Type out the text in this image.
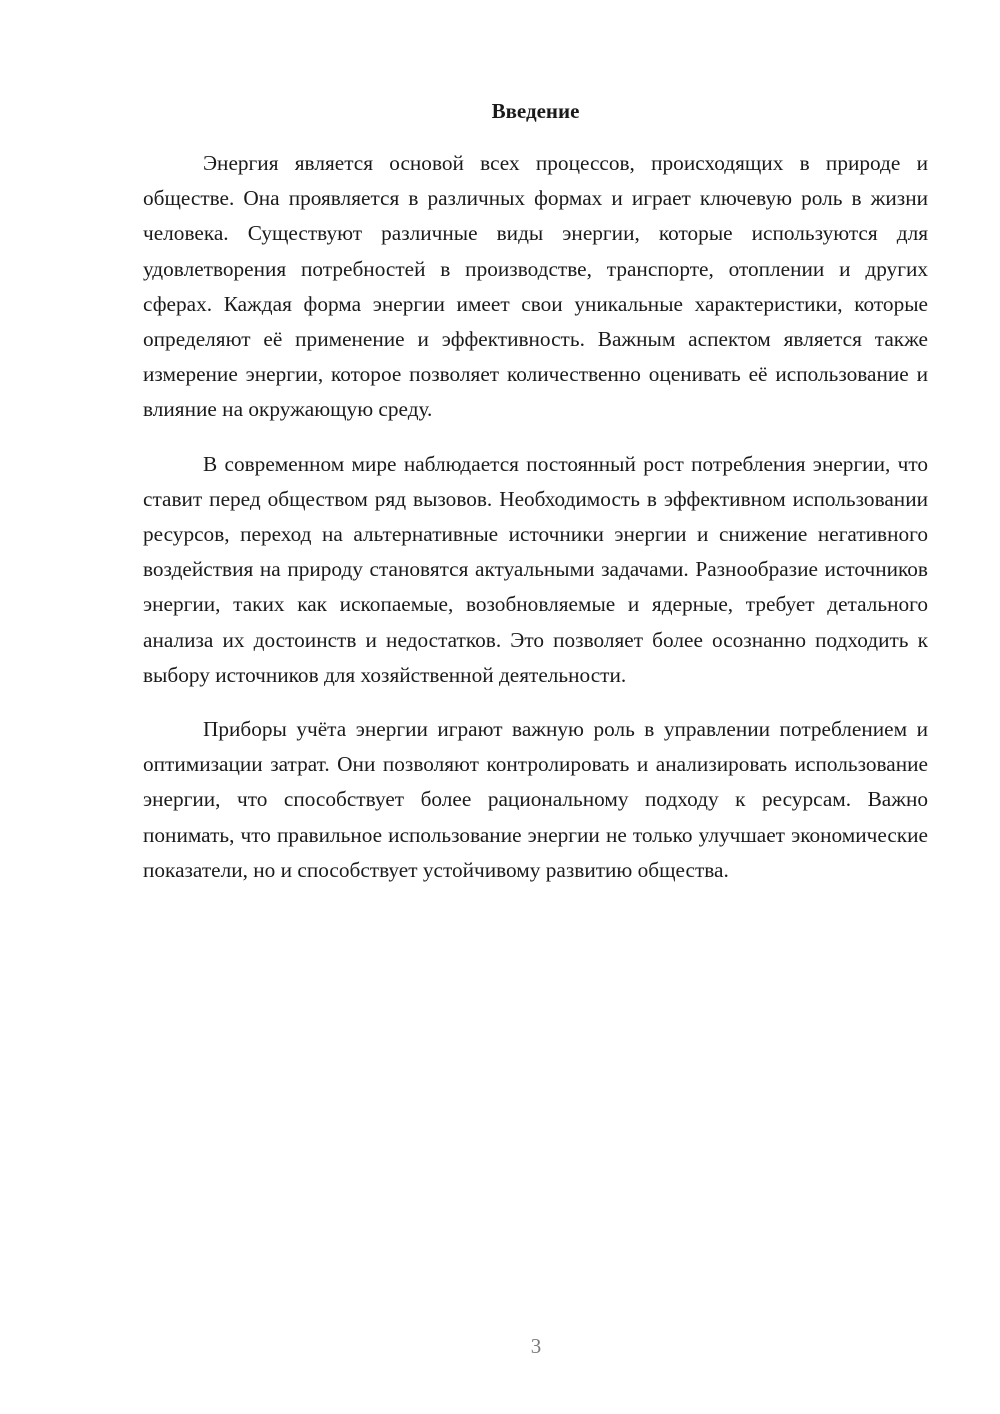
Введение

Энергия является основой всех процессов, происходящих в природе и обществе. Она проявляется в различных формах и играет ключевую роль в жизни человека. Существуют различные виды энергии, которые используются для удовлетворения потребностей в производстве, транспорте, отоплении и других сферах. Каждая форма энергии имеет свои уникальные характеристики, которые определяют её применение и эффективность. Важным аспектом является также измерение энергии, которое позволяет количественно оценивать её использование и влияние на окружающую среду.

В современном мире наблюдается постоянный рост потребления энергии, что ставит перед обществом ряд вызовов. Необходимость в эффективном использовании ресурсов, переход на альтернативные источники энергии и снижение негативного воздействия на природу становятся актуальными задачами. Разнообразие источников энергии, таких как ископаемые, возобновляемые и ядерные, требует детального анализа их достоинств и недостатков. Это позволяет более осознанно подходить к выбору источников для хозяйственной деятельности.

Приборы учёта энергии играют важную роль в управлении потреблением и оптимизации затрат. Они позволяют контролировать и анализировать использование энергии, что способствует более рациональному подходу к ресурсам. Важно понимать, что правильное использование энергии не только улучшает экономические показатели, но и способствует устойчивому развитию общества.

3
